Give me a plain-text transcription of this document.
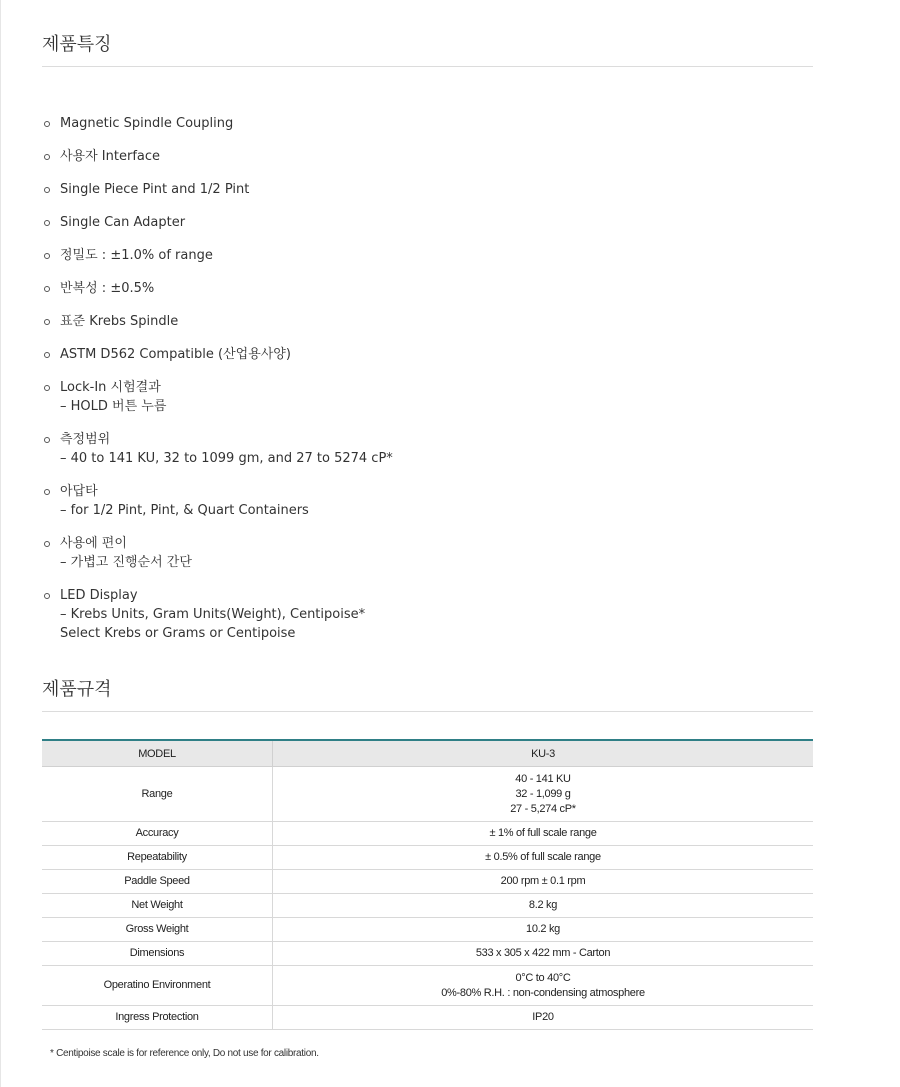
제품특징
Magnetic Spindle Coupling
사용자 Interface
Single Piece Pint and 1/2 Pint
Single Can Adapter
정밀도 : ±1.0% of range
반복성 : ±0.5%
표준 Krebs Spindle
ASTM D562 Compatible (산업용사양)
Lock-In 시험결과
– HOLD 버튼 누름
측정범위
– 40 to 141 KU, 32 to 1099 gm, and 27 to 5274 cP*
아답타
– for 1/2 Pint, Pint, & Quart Containers
사용에 편이
– 가볍고 진행순서 간단
LED Display
– Krebs Units, Gram Units(Weight), Centipoise*
Select Krebs or Grams or Centipoise
제품규격
MODEL	KU-3
Range	40 - 141 KU
32 - 1,099 g
27 - 5,274 cP*

Accuracy	± 1% of full scale range

Repeatability	± 0.5% of full scale range

Paddle Speed	200 rpm ± 0.1 rpm

Net Weight	8.2 kg

Gross Weight	10.2 kg

Dimensions	533 x 305 x 422 mm - Carton

Operatino Environment	0°C to 40°C
0%-80% R.H. : non-condensing atmosphere

Ingress Protection	IP20
* Centipoise scale is for reference only, Do not use for calibration.
